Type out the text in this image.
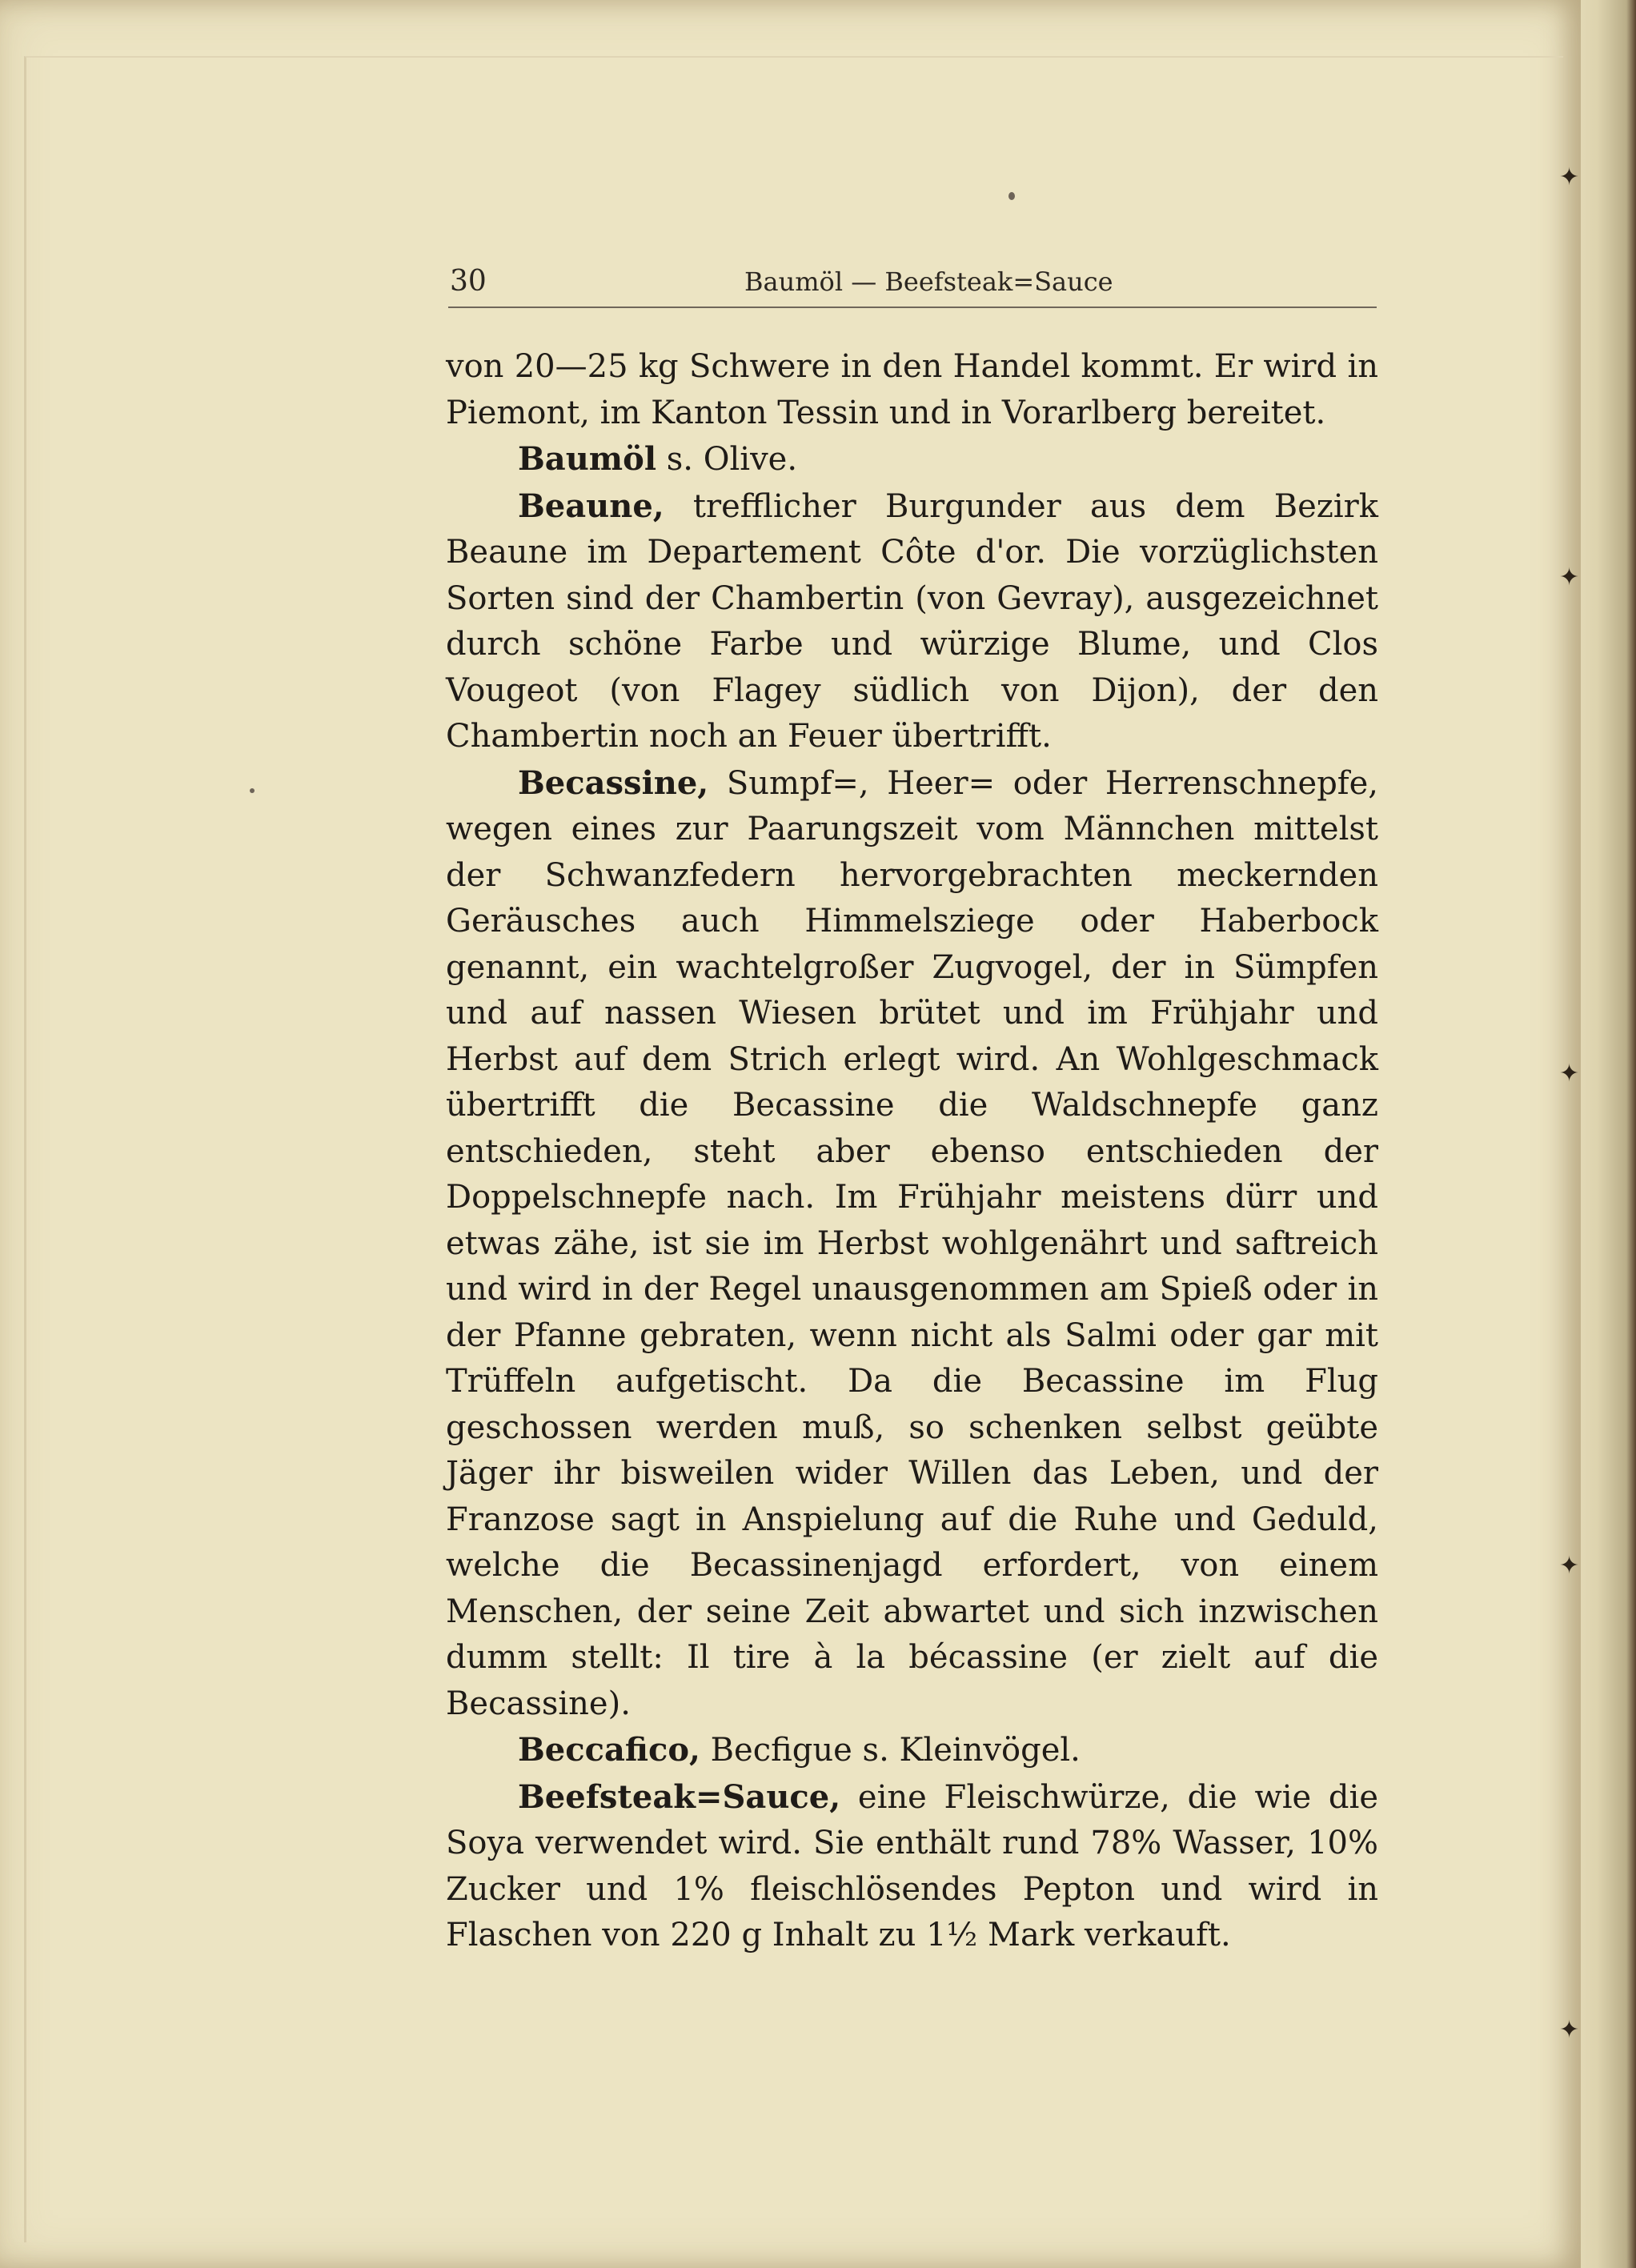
30	Baumöl — Beefsteak=Sauce

von 20—25 kg Schwere in den Handel kommt. Er wird in Piemont, im Kanton Tessin und in Vorarlberg bereitet.

Baumöl s. Olive.

Beaune, trefflicher Burgunder aus dem Bezirk Beaune im Departement Côte d'or. Die vorzüglichsten Sorten sind der Chambertin (von Gevray), ausgezeichnet durch schöne Farbe und würzige Blume, und Clos Vougeot (von Flagey südlich von Dijon), der den Chambertin noch an Feuer übertrifft.

Becassine, Sumpf=, Heer= oder Herrenschnepfe, wegen eines zur Paarungszeit vom Männchen mittelst der Schwanzfedern hervorgebrachten meckernden Geräusches auch Himmelsziege oder Haberbock genannt, ein wachtelgroßer Zugvogel, der in Sümpfen und auf nassen Wiesen brütet und im Frühjahr und Herbst auf dem Strich erlegt wird. An Wohlgeschmack übertrifft die Becassine die Waldschnepfe ganz entschieden, steht aber ebenso entschieden der Doppelschnepfe nach. Im Frühjahr meistens dürr und etwas zähe, ist sie im Herbst wohlgenährt und saftreich und wird in der Regel unausgenommen am Spieß oder in der Pfanne gebraten, wenn nicht als Salmi oder gar mit Trüffeln aufgetischt. Da die Becassine im Flug geschossen werden muß, so schenken selbst geübte Jäger ihr bisweilen wider Willen das Leben, und der Franzose sagt in Anspielung auf die Ruhe und Geduld, welche die Becassinenjagd erfordert, von einem Menschen, der seine Zeit abwartet und sich inzwischen dumm stellt: Il tire à la bécassine (er zielt auf die Becassine).

Beccafico, Becfigue s. Kleinvögel.

Beefsteak=Sauce, eine Fleischwürze, die wie die Soya verwendet wird. Sie enthält rund 78% Wasser, 10% Zucker und 1% fleischlösendes Pepton und wird in Flaschen von 220 g Inhalt zu 1½ Mark verkauft.

✦
✦
✦
✦
✦
